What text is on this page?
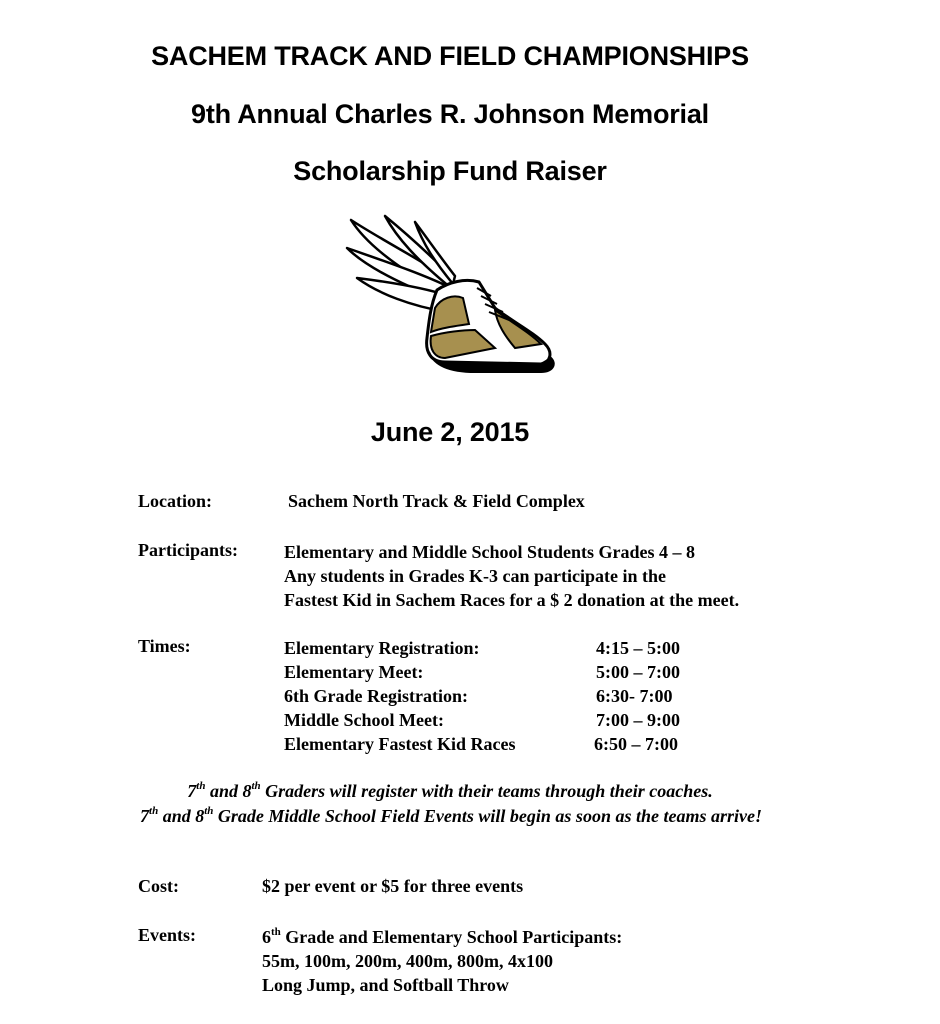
SACHEM TRACK AND FIELD CHAMPIONSHIPS
9th Annual Charles R. Johnson Memorial
Scholarship Fund Raiser
June 2, 2015
Location:	Sachem North Track & Field Complex
Participants:	Elementary and Middle School Students Grades 4 – 8
Any students in Grades K-3 can participate in the
Fastest Kid in Sachem Races for a $ 2 donation at the meet.
Times:	Elementary Registration:	4:15 – 5:00
Elementary Meet:	5:00 – 7:00
6th Grade Registration:	6:30- 7:00
Middle School Meet:	7:00 – 9:00
Elementary Fastest Kid Races	6:50 – 7:00
7th and 8th Graders will register with their teams through their coaches.
7th and 8th Grade Middle School Field Events will begin as soon as the teams arrive!
Cost:	$2 per event or $5 for three events
Events:	6th Grade and Elementary School Participants:
55m, 100m, 200m, 400m, 800m, 4x100
Long Jump, and Softball Throw
